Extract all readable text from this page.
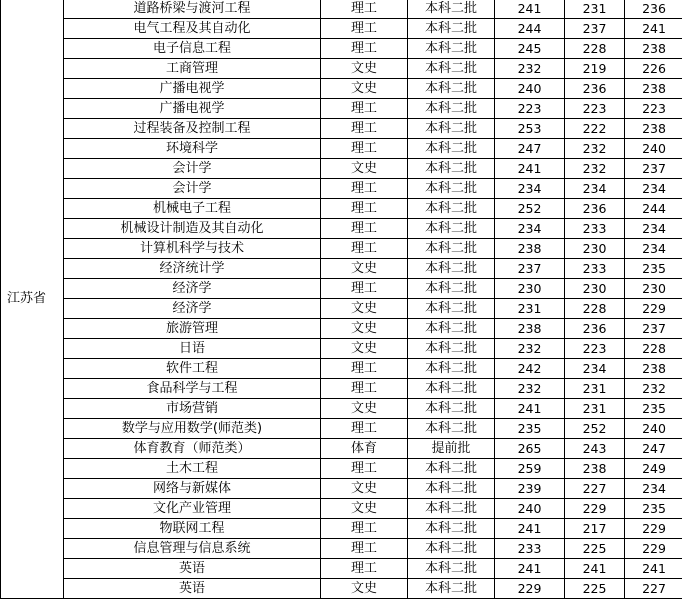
江苏省	道路桥梁与渡河工程	理工	本科二批	241	231	236
	电气工程及其自动化	理工	本科二批	244	237	241
	电子信息工程	理工	本科二批	245	228	238
	工商管理	文史	本科二批	232	219	226
	广播电视学	文史	本科二批	240	236	238
	广播电视学	理工	本科二批	223	223	223
	过程装备及控制工程	理工	本科二批	253	222	238
	环境科学	理工	本科二批	247	232	240
	会计学	文史	本科二批	241	232	237
	会计学	理工	本科二批	234	234	234
	机械电子工程	理工	本科二批	252	236	244
	机械设计制造及其自动化	理工	本科二批	234	233	234
	计算机科学与技术	理工	本科二批	238	230	234
	经济统计学	文史	本科二批	237	233	235
	经济学	理工	本科二批	230	230	230
	经济学	文史	本科二批	231	228	229
	旅游管理	文史	本科二批	238	236	237
	日语	文史	本科二批	232	223	228
	软件工程	理工	本科二批	242	234	238
	食品科学与工程	理工	本科二批	232	231	232
	市场营销	文史	本科二批	241	231	235
	数学与应用数学(师范类)	理工	本科二批	235	252	240
	体育教育（师范类）	体育	提前批	265	243	247
	土木工程	理工	本科二批	259	238	249
	网络与新媒体	文史	本科二批	239	227	234
	文化产业管理	文史	本科二批	240	229	235
	物联网工程	理工	本科二批	241	217	229
	信息管理与信息系统	理工	本科二批	233	225	229
	英语	理工	本科二批	241	241	241
	英语	文史	本科二批	229	225	227
